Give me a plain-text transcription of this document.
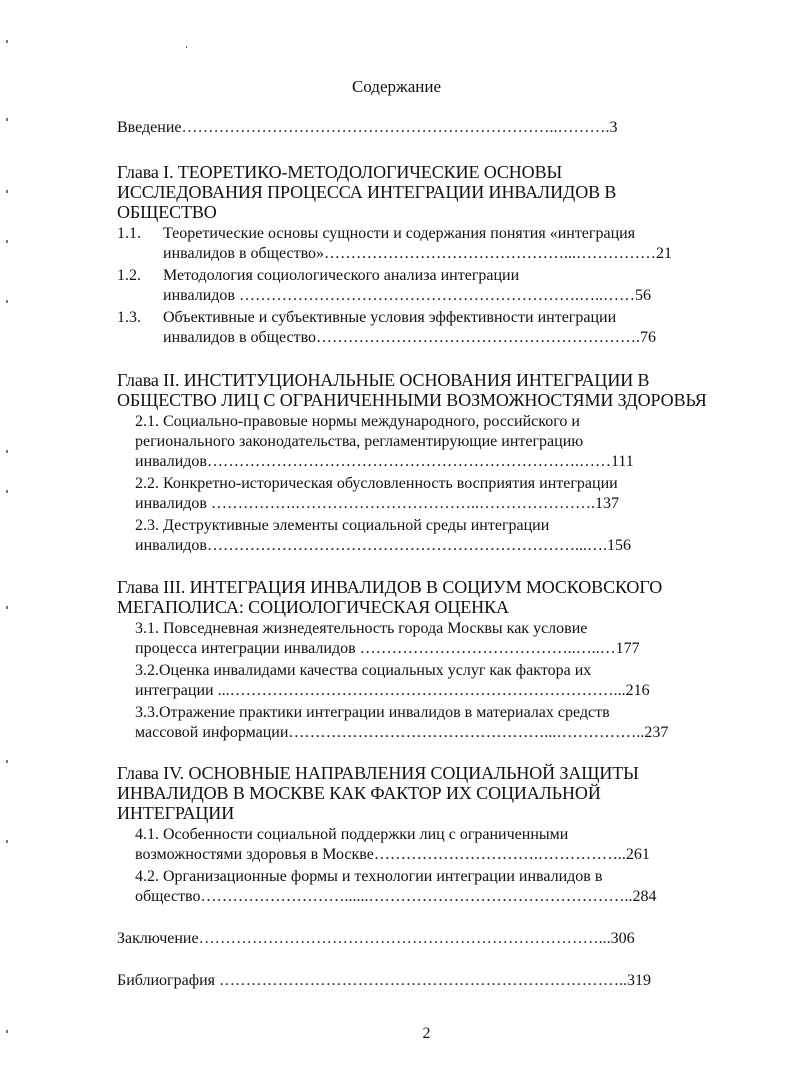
Содержание
Введение……………………………………………………………..……….3
Глава I. ТЕОРЕТИКО-МЕТОДОЛОГИЧЕСКИЕ ОСНОВЫ
ИССЛЕДОВАНИЯ ПРОЦЕССА ИНТЕГРАЦИИ ИНВАЛИДОВ В
ОБЩЕСТВО
1.1. Теоретические основы сущности и содержания понятия «интеграция
инвалидов в общество»………………………………………...……………21
1.2. Методология социологического анализа интеграции
инвалидов ……………………………………………………….…..……56
1.3. Объективные и субъективные условия эффективности интеграции
инвалидов в общество…………………………………………………….76
Глава II. ИНСТИТУЦИОНАЛЬНЫЕ ОСНОВАНИЯ ИНТЕГРАЦИИ В
ОБЩЕСТВО ЛИЦ С ОГРАНИЧЕННЫМИ ВОЗМОЖНОСТЯМИ ЗДОРОВЬЯ
2.1. Социально-правовые нормы международного, российского и
регионального законодательства, регламентирующие интеграцию
инвалидов…………………………………………………………….……111
2.2. Конкретно-историческая обусловленность восприятия интеграции
инвалидов …………….……………………………..………………….137
2.3. Деструктивные элементы социальной среды интеграции
инвалидов……………………………………………………………...….156
Глава III. ИНТЕГРАЦИЯ ИНВАЛИДОВ В СОЦИУМ МОСКОВСКОГО
МЕГАПОЛИСА: СОЦИОЛОГИЧЕСКАЯ ОЦЕНКА
3.1. Повседневная жизнедеятельность города Москвы как условие
процесса интеграции инвалидов …………………………………..…..…177
3.2.Оценка инвалидами качества социальных услуг как фактора их
интеграции ...………………………………………………………………...216
3.3.Отражение практики интеграции инвалидов в материалах средств
массовой информации…………………………………………...……………..237
Глава IV. ОСНОВНЫЕ НАПРАВЛЕНИЯ СОЦИАЛЬНОЙ ЗАЩИТЫ
ИНВАЛИДОВ В МОСКВЕ КАК ФАКТОР ИХ СОЦИАЛЬНОЙ
ИНТЕГРАЦИИ
4.1. Особенности социальной поддержки лиц с ограниченными
возможностями здоровья в Москве………………………….……………..261
4.2. Организационные формы и технологии интеграции инвалидов в
общество………………………......…………………………………………..284
Заключение…………………………………………………………………...306
Библиография …………………………………………………………………..319
2
